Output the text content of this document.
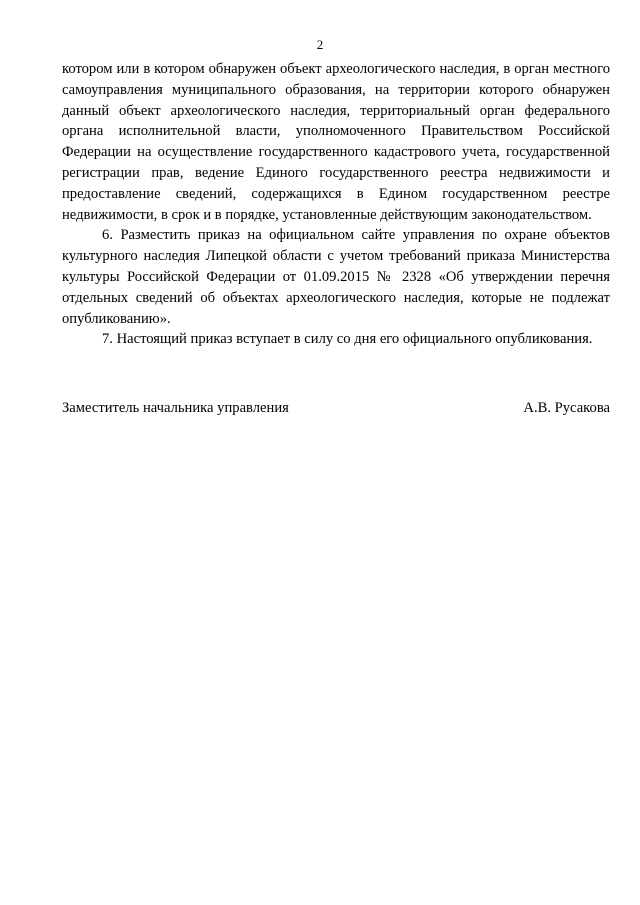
2

котором или в котором обнаружен объект археологического наследия, в орган местного самоуправления муниципального образования, на территории которого обнаружен данный объект археологического наследия, территориальный орган федерального органа исполнительной власти, уполномоченного Правительством Российской Федерации на осуществление государственного кадастрового учета, государственной регистрации прав, ведение Единого государственного реестра недвижимости и предоставление сведений, содержащихся в Едином государственном реестре недвижимости, в срок и в порядке, установленные действующим законодательством.

6. Разместить приказ на официальном сайте управления по охране объектов культурного наследия Липецкой области с учетом требований приказа Министерства культуры Российской Федерации от 01.09.2015 № 2328 «Об утверждении перечня отдельных сведений об объектах археологического наследия, которые не подлежат опубликованию».

7. Настоящий приказ вступает в силу со дня его официального опубликования.

Заместитель начальника управления	А.В. Русакова
